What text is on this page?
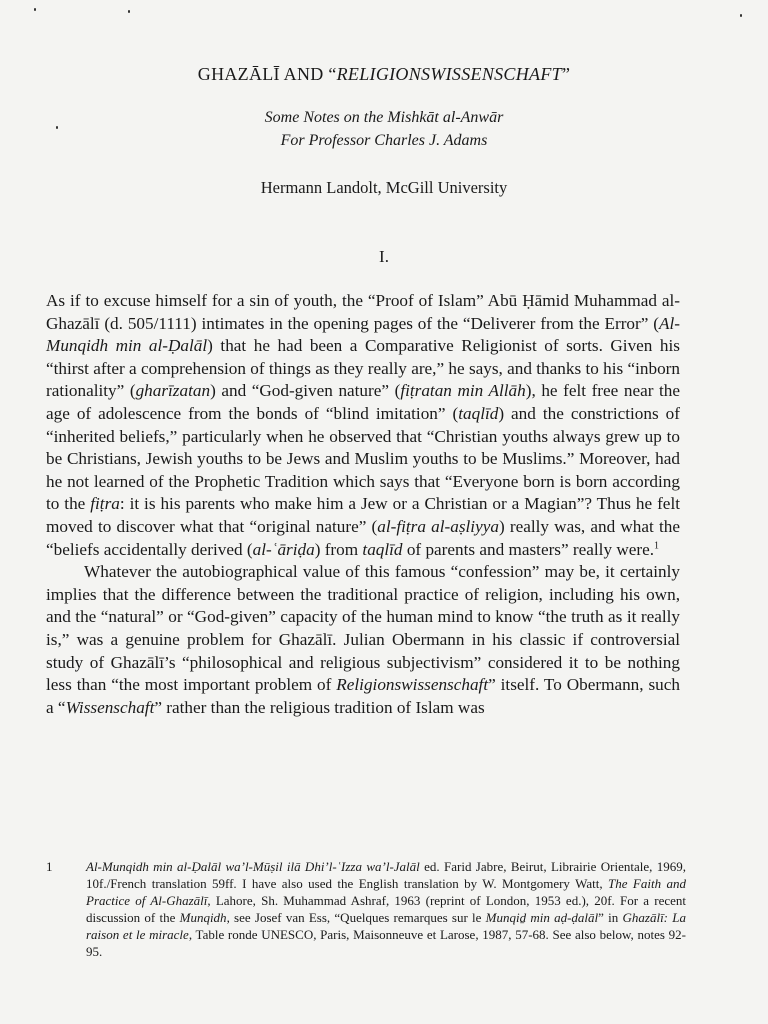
GHAZĀLĪ AND “RELIGIONSWISSENSCHAFT”
Some Notes on the Mishkāt al-Anwār
For Professor Charles J. Adams
Hermann Landolt, McGill University
I.

As if to excuse himself for a sin of youth, the “Proof of Islam” Abū Ḥāmid Muhammad al-Ghazālī (d. 505/1111) intimates in the opening pages of the “Deliverer from the Error” (Al-Munqidh min al-Ḍalāl) that he had been a Comparative Religionist of sorts. Given his “thirst after a comprehension of things as they really are,” he says, and thanks to his “inborn rationality” (gharīzatan) and “God-given nature” (fiṭratan min Allāh), he felt free near the age of adolescence from the bonds of “blind imitation” (taqlīd) and the constrictions of “inherited beliefs,” particularly when he observed that “Christian youths always grew up to be Christians, Jewish youths to be Jews and Muslim youths to be Muslims.” Moreover, had he not learned of the Prophetic Tradition which says that “Everyone born is born according to the fiṭra: it is his parents who make him a Jew or a Christian or a Magian”? Thus he felt moved to discover what that “original nature” (al-fiṭra al-aṣliyya) really was, and what the “beliefs accidentally derived (al-ʿāriḍa) from taqlīd of parents and masters” really were.$^1$

Whatever the autobiographical value of this famous “confession” may be, it certainly implies that the difference between the traditional practice of religion, including his own, and the “natural” or “God-given” capacity of the human mind to know “the truth as it really is,” was a genuine problem for Ghazālī. Julian Obermann in his classic if controversial study of Ghazālī’s “philosophical and religious subjectivism” considered it to be nothing less than “the most important problem of Religionswissenschaft” itself. To Obermann, such a “Wissenschaft” rather than the religious tradition of Islam was

1	Al-Munqidh min al-Ḍalāl wa’l-Mūṣil ilā Dhi’l-ʿIzza wa’l-Jalāl ed. Farid Jabre, Beirut, Librairie Orientale, 1969, 10f./French translation 59ff. I have also used the English translation by W. Montgomery Watt, The Faith and Practice of Al-Ghazālī, Lahore, Sh. Muhammad Ashraf, 1963 (reprint of London, 1953 ed.), 20f. For a recent discussion of the Munqidh, see Josef van Ess, “Quelques remarques sur le Munqiḏ min aḍ-ḍalāl” in Ghazālī: La raison et le miracle, Table ronde UNESCO, Paris, Maisonneuve et Larose, 1987, 57-68. See also below, notes 92-95.
